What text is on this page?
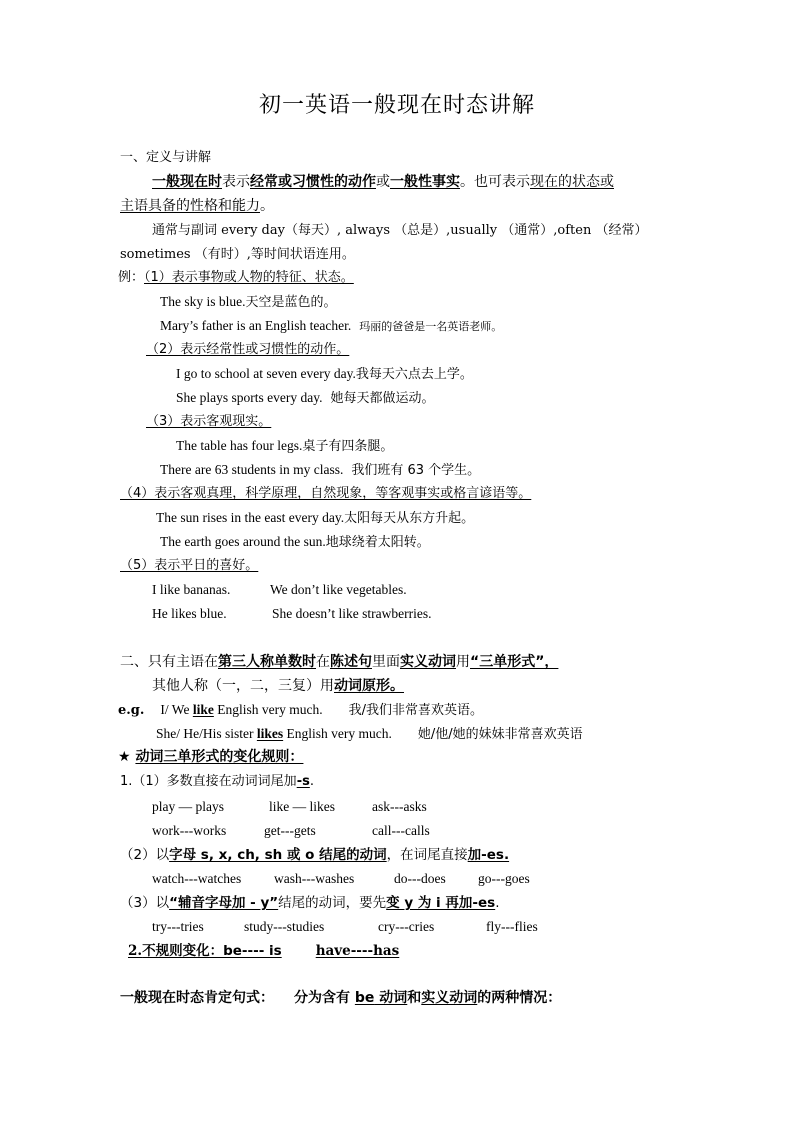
初一英语一般现在时态讲解
一、定义与讲解
一般现在时表示经常或习惯性的动作或一般性事实。也可表示现在的状态或
主语具备的性格和能力。
通常与副词 every day（每天）, always （总是）,usually （通常）,often （经常）
sometimes （有时）,等时间状语连用。
例：（1）表示事物或人物的特征、状态。
The sky is blue.天空是蓝色的。
Mary’s father is an English teacher. 玛丽的爸爸是一名英语老师。
（2）表示经常性或习惯性的动作。
I go to school at seven every day.我每天六点去上学。
She plays sports every day. 她每天都做运动。
（3）表示客观现实。
The table has four legs.桌子有四条腿。
There are 63 students in my class. 我们班有 63 个学生。
（4）表示客观真理，科学原理，自然现象，等客观事实或格言谚语等。
The sun rises in the east every day.太阳每天从东方升起。
The earth goes around the sun.地球绕着太阳转。
（5）表示平日的喜好。
I like bananas.	We don’t like vegetables.
He likes blue.	She doesn’t like strawberries.
二、只有主语在第三人称单数时在陈述句里面实义动词用“三单形式”，
其他人称（一，二，三复）用动词原形。
e.g. I/ We like English very much. 我/我们非常喜欢英语。
She/ He/His sister likes English very much. 她/他/她的妹妹非常喜欢英语
★ 动词三单形式的变化规则：
1.（1）多数直接在动词词尾加-s.
play — plays	like — likes	ask---asks
work---works	get---gets	call---calls
（2）以字母 s, x, ch, sh 或 o 结尾的动词，在词尾直接加-es.
watch---watches wash---washes	do---does go---goes
（3）以“辅音字母加 - y”结尾的动词，要先变 y 为 i 再加-es.
try---tries	study---studies	cry---cries	fly---flies
2.不规则变化：be---- is	have----has
一般现在时态肯定句式： 分为含有 be 动词和实义动词的两种情况：
